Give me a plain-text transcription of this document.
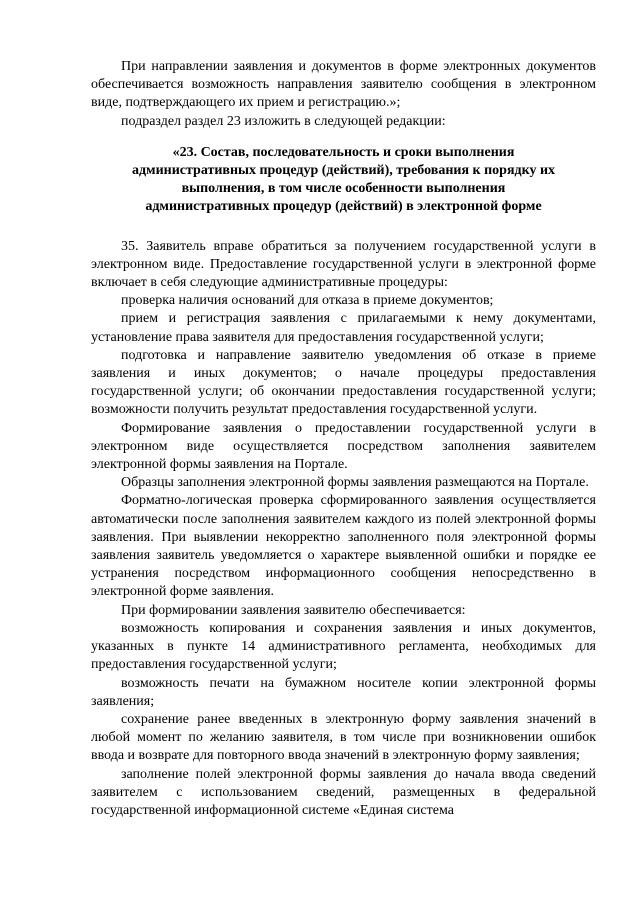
При направлении заявления и документов в форме электронных документов обеспечивается возможность направления заявителю сообщения в электронном виде, подтверждающего их прием и регистрацию.»;

подраздел раздел 23 изложить в следующей редакции:

«23. Состав, последовательность и сроки выполнения административных процедур (действий), требования к порядку их выполнения, в том числе особенности выполнения административных процедур (действий) в электронной форме

35. Заявитель вправе обратиться за получением государственной услуги в электронном виде. Предоставление государственной услуги в электронной форме включает в себя следующие административные процедуры:

проверка наличия оснований для отказа в приеме документов;

прием и регистрация заявления с прилагаемыми к нему документами, установление права заявителя для предоставления государственной услуги;

подготовка и направление заявителю уведомления об отказе в приеме заявления и иных документов; о начале процедуры предоставления государственной услуги; об окончании предоставления государственной услуги; возможности получить результат предоставления государственной услуги.

Формирование заявления о предоставлении государственной услуги в электронном виде осуществляется посредством заполнения заявителем электронной формы заявления на Портале.

Образцы заполнения электронной формы заявления размещаются на Портале.

Форматно-логическая проверка сформированного заявления осуществляется автоматически после заполнения заявителем каждого из полей электронной формы заявления. При выявлении некорректно заполненного поля электронной формы заявления заявитель уведомляется о характере выявленной ошибки и порядке ее устранения посредством информационного сообщения непосредственно в электронной форме заявления.

При формировании заявления заявителю обеспечивается:

возможность копирования и сохранения заявления и иных документов, указанных в пункте 14 административного регламента, необходимых для предоставления государственной услуги;

возможность печати на бумажном носителе копии электронной формы заявления;

сохранение ранее введенных в электронную форму заявления значений в любой момент по желанию заявителя, в том числе при возникновении ошибок ввода и возврате для повторного ввода значений в электронную форму заявления;

заполнение полей электронной формы заявления до начала ввода сведений заявителем с использованием сведений, размещенных в федеральной государственной информационной системе «Единая система
